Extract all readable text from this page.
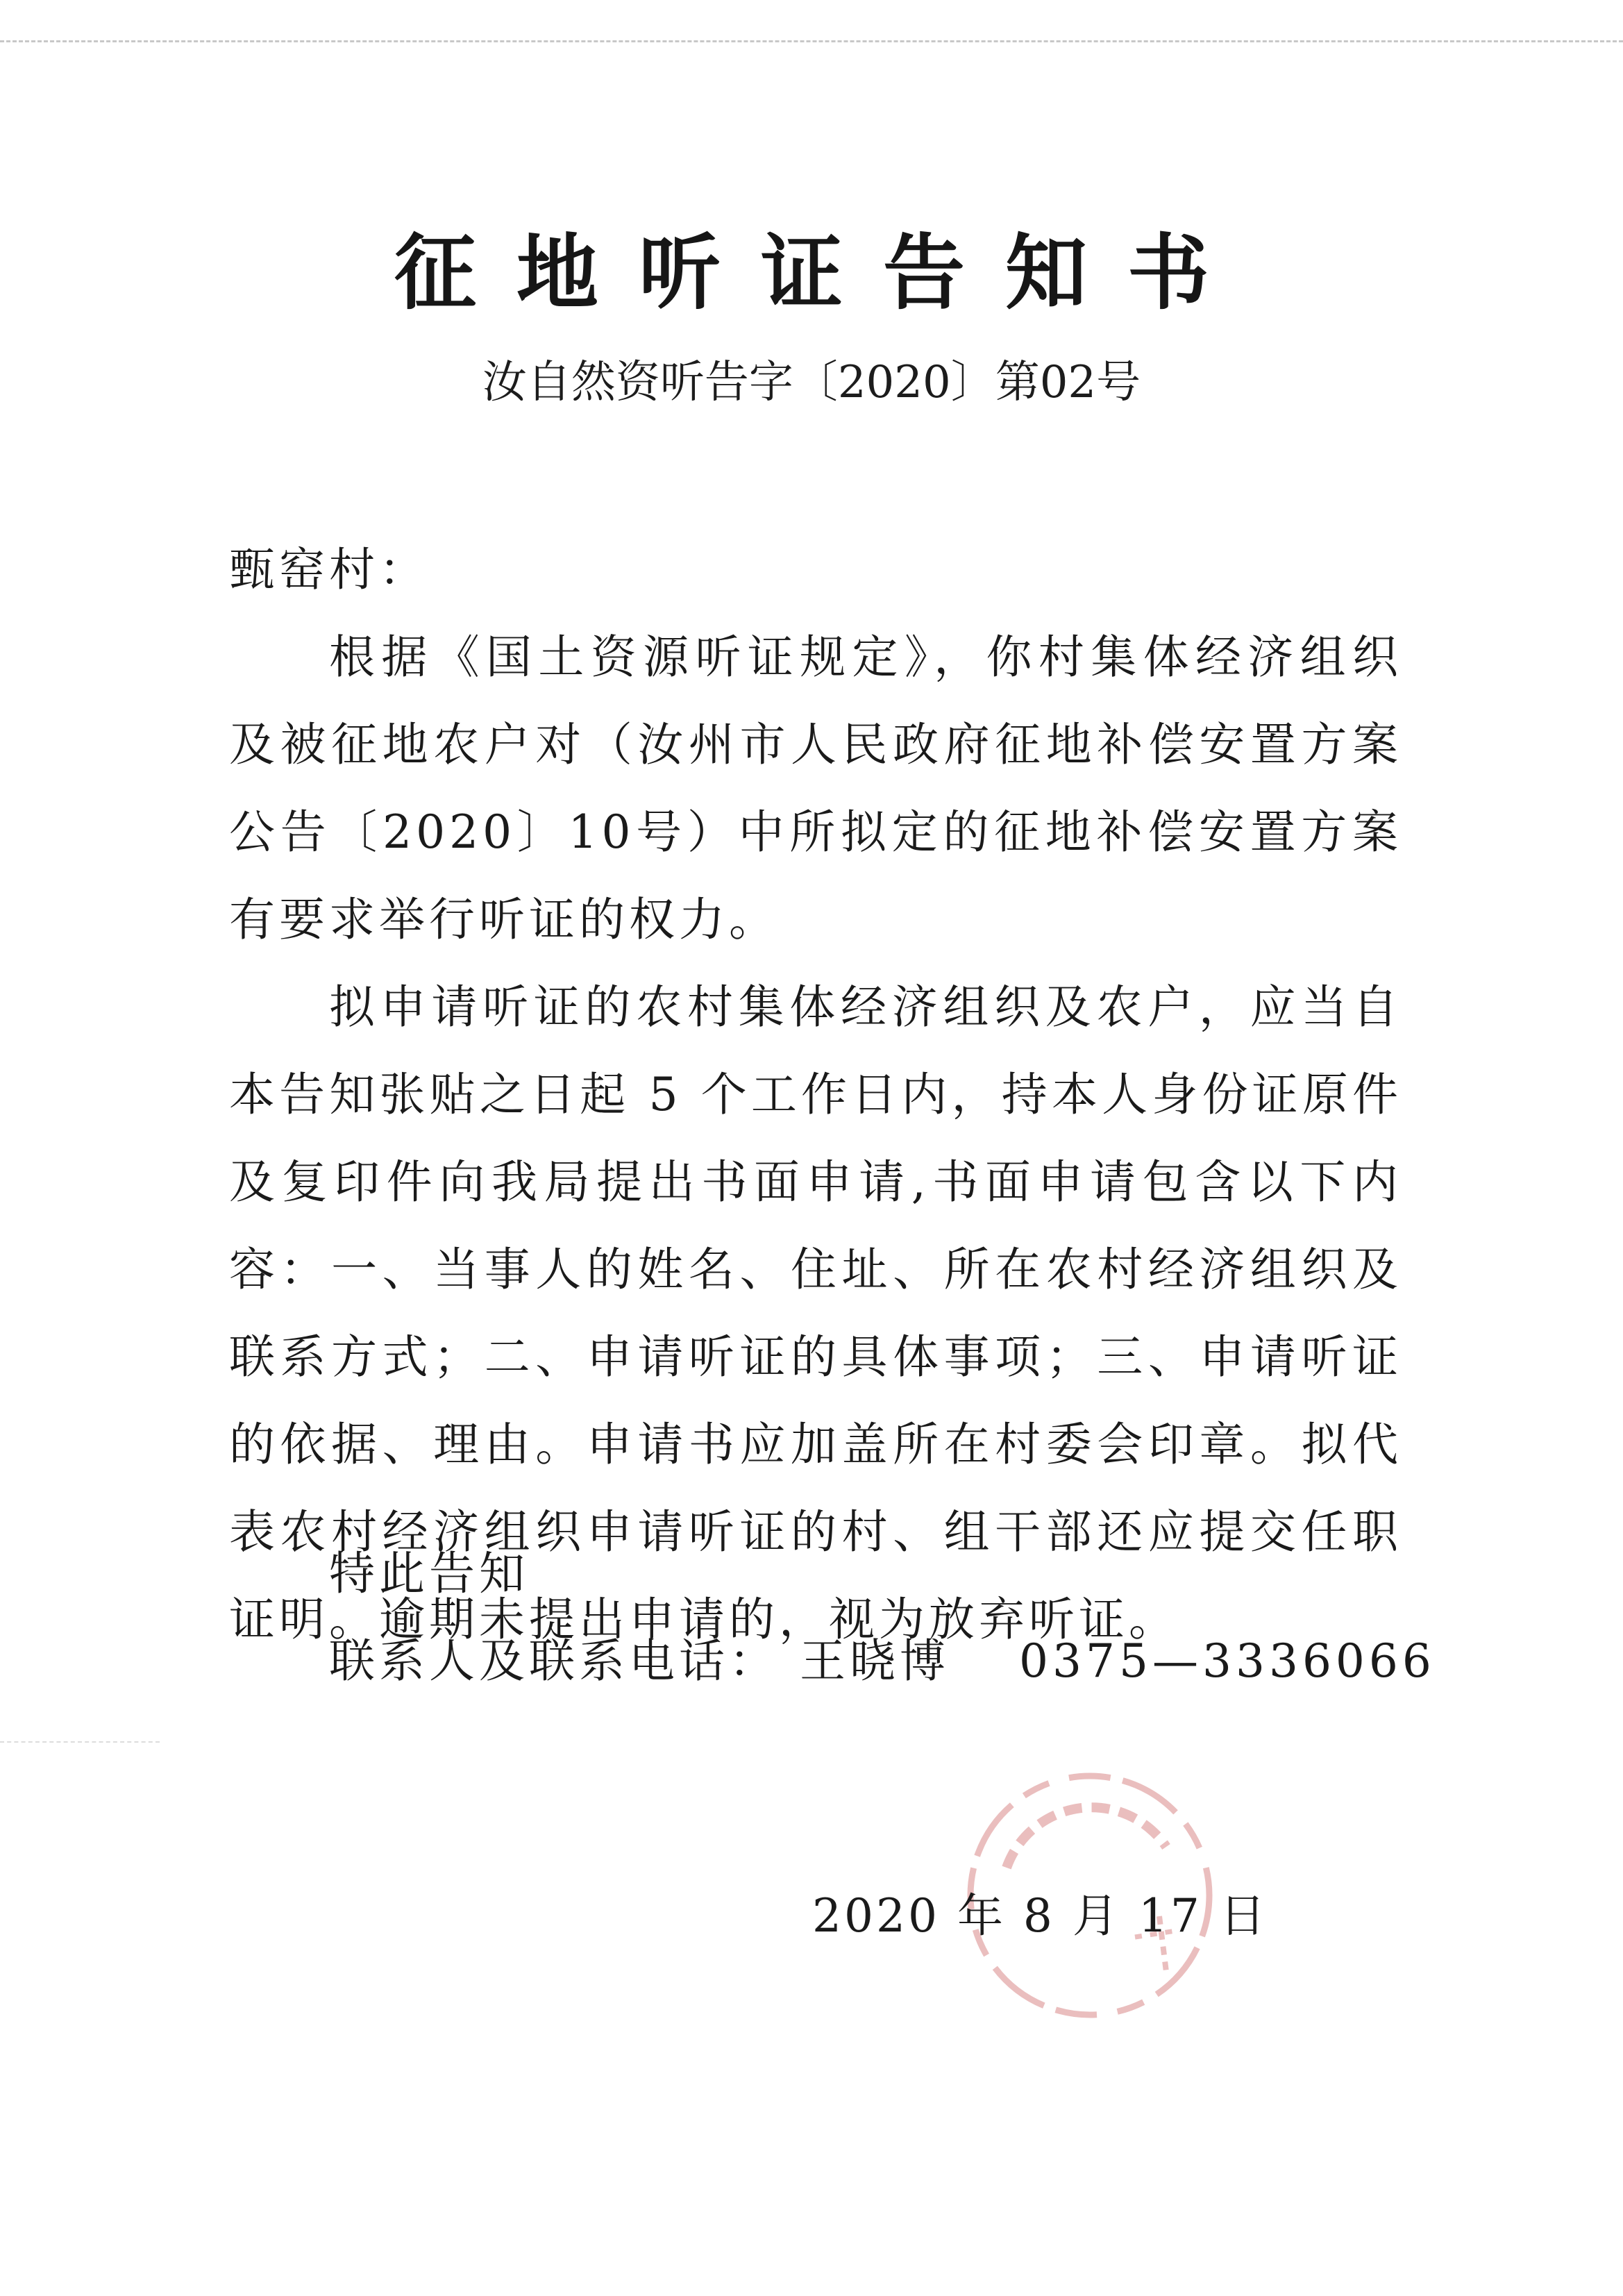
征地听证告知书
汝自然资听告字〔2020〕第02号
甄窑村：
根据《国土资源听证规定》，你村集体经济组织及被征地农户对（汝州市人民政府征地补偿安置方案公告〔2020〕10号）中所拟定的征地补偿安置方案有要求举行听证的权力。
拟申请听证的农村集体经济组织及农户，应当自本告知张贴之日起 5 个工作日内，持本人身份证原件及复印件向我局提出书面申请,书面申请包含以下内容：一、当事人的姓名、住址、所在农村经济组织及联系方式；二、申请听证的具体事项；三、申请听证的依据、理由。申请书应加盖所在村委会印章。拟代表农村经济组织申请听证的村、组干部还应提交任职证明。逾期未提出申请的，视为放弃听证。
特此告知
联系人及联系电话： 王晓博 0375—3336066
2020 年 8 月 17 日
